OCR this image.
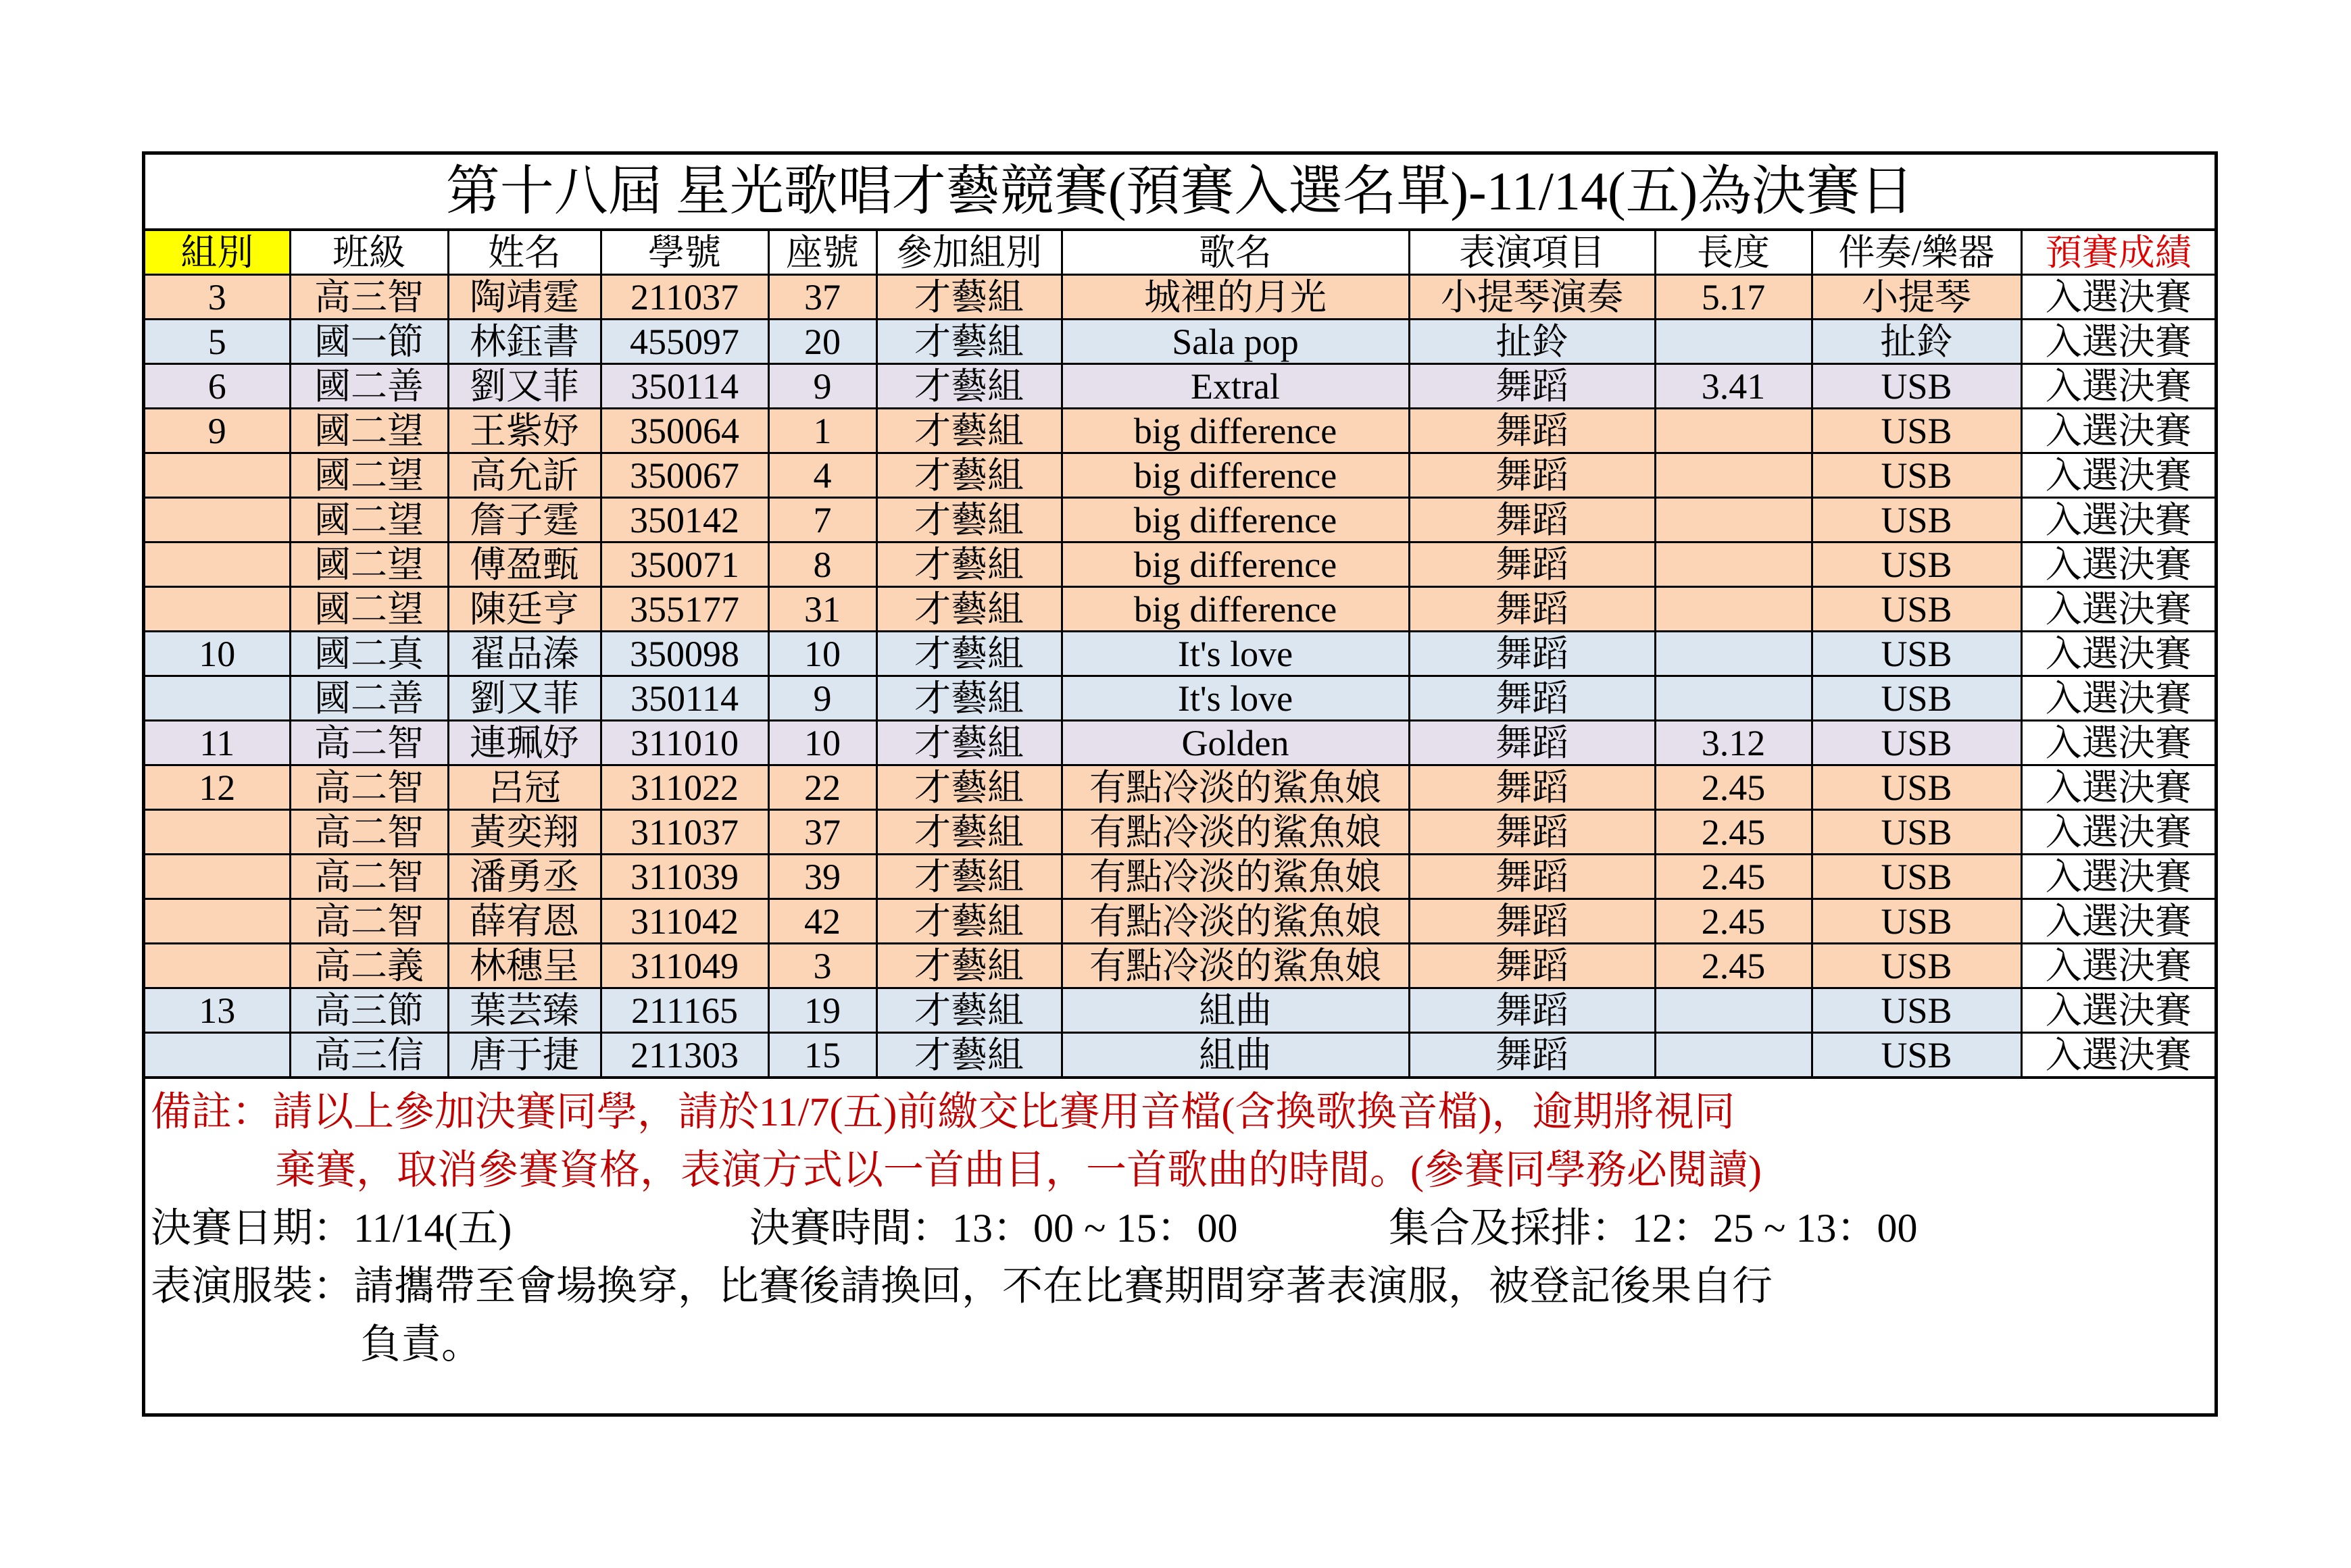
第十八屆 星光歌唱才藝競賽(預賽入選名單)-11/14(五)為決賽日
組別	班級	姓名	學號	座號	參加組別	歌名	表演項目	長度	伴奏/樂器	預賽成績
3	高三智	陶靖霆	211037	37	才藝組	城裡的月光	小提琴演奏	5.17	小提琴	入選決賽
5	國一節	林鈺書	455097	20	才藝組	Sala pop	扯鈴		扯鈴	入選決賽
6	國二善	劉又菲	350114	9	才藝組	Extral	舞蹈	3.41	USB	入選決賽
9	國二望	王紫妤	350064	1	才藝組	big difference	舞蹈		USB	入選決賽
	國二望	高允訢	350067	4	才藝組	big difference	舞蹈		USB	入選決賽
	國二望	詹子霆	350142	7	才藝組	big difference	舞蹈		USB	入選決賽
	國二望	傅盈甄	350071	8	才藝組	big difference	舞蹈		USB	入選決賽
	國二望	陳廷亨	355177	31	才藝組	big difference	舞蹈		USB	入選決賽
10	國二真	翟品溱	350098	10	才藝組	It's love	舞蹈		USB	入選決賽
	國二善	劉又菲	350114	9	才藝組	It's love	舞蹈		USB	入選決賽
11	高二智	連珮妤	311010	10	才藝組	Golden	舞蹈	3.12	USB	入選決賽
12	高二智	呂冠	311022	22	才藝組	有點冷淡的鯊魚娘	舞蹈	2.45	USB	入選決賽
	高二智	黃奕翔	311037	37	才藝組	有點冷淡的鯊魚娘	舞蹈	2.45	USB	入選決賽
	高二智	潘勇丞	311039	39	才藝組	有點冷淡的鯊魚娘	舞蹈	2.45	USB	入選決賽
	高二智	薛宥恩	311042	42	才藝組	有點冷淡的鯊魚娘	舞蹈	2.45	USB	入選決賽
	高二義	林穗呈	311049	3	才藝組	有點冷淡的鯊魚娘	舞蹈	2.45	USB	入選決賽
13	高三節	葉芸臻	211165	19	才藝組	組曲	舞蹈		USB	入選決賽
	高三信	唐于捷	211303	15	才藝組	組曲	舞蹈		USB	入選決賽
備註：請以上參加決賽同學，請於11/7(五)前繳交比賽用音檔(含換歌換音檔)，逾期將視同
棄賽，取消參賽資格，表演方式以一首曲目，一首歌曲的時間。(參賽同學務必閱讀)
決賽日期：11/14(五)	決賽時間：13：00 ~ 15：00	集合及採排：12：25 ~ 13：00
表演服裝：請攜帶至會場換穿，比賽後請換回，不在比賽期間穿著表演服，被登記後果自行
負責。
